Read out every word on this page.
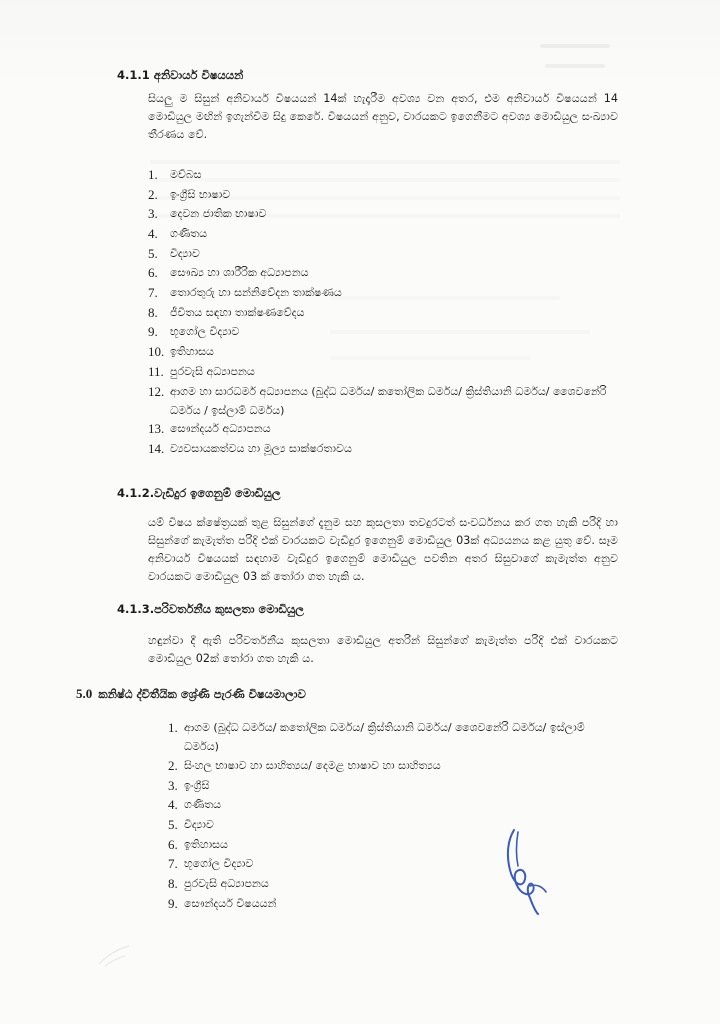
4.1.1 අනිවාර්ය විෂයයන්
සියලු ම සිසුන් අනිවාර්ය විෂයයන් 14ක් හැදෑරීම අවශ්‍ය වන අතර, එම අනිවාර්ය විෂයයන් 14 මොඩියුල මඟින් ඉගැන්වීම සිදු කෙරේ. විෂයයන් අනුව, වාරයකට ඉගෙනීමට අවශ්‍ය මොඩියුල සංඛ්‍යාව තීරණය වේ.
1.	මව්බස
2.	ඉංග්‍රීසි භාෂාව
3.	දෙවන ජාතික භාෂාව
4.	ගණිතය
5.	විද්‍යාව
6.	සෞඛ්‍ය හා ශාරීරික අධ්‍යාපනය
7.	තොරතුරු හා සන්නිවේදන තාක්ෂණය
8.	ජීවිතය සඳහා තාක්ෂණවේදය
9.	භූගෝල විද්‍යාව
10. ඉතිහාසය
11. පුරවැසි අධ්‍යාපනය
12. ආගම හා සාරධර්ම අධ්‍යාපනය (බුද්ධ ධර්මය/ කතෝලික ධර්මය/ ක්‍රිස්තියානි ධර්මය/ ශෛවනේරි ධර්මය / ඉස්ලාම් ධර්මය)
13. සෞන්දර්ය අධ්‍යාපනය
14. ව්‍යවසායකත්වය හා මූල්‍ය සාක්ෂරතාවය
4.1.2.වැඩිදුර ඉගෙනුම් මොඩියුල
යම් විෂය ක්ෂේත්‍රයක් තුළ සිසුන්ගේ දැනුම සහ කුසලතා තවදුරටත් සංවර්ධනය කර ගත හැකි පරිදි හා සිසුන්ගේ කැමැත්ත පරිදි එක් වාරයකට වැඩිදුර ඉගෙනුම් මොඩියුල 03ක් අධ්‍යයනය කළ යුතු වේ. සෑම අනිවාර්ය විෂයයක් සඳහාම වැඩිදුර ඉගෙනුම් මොඩියුල පවතින අතර සිසුවාගේ කැමැත්ත අනුව වාරයකට මොඩියුල 03 ක් තෝරා ගත හැකි ය.
4.1.3.පරිවර්තනීය කුසලතා මොඩියුල
හඳුන්වා දී ඇති පරිවර්තනීය කුසලතා මොඩියුල අතරින් සිසුන්ගේ කැමැත්ත පරිදි එක් වාරයකට මොඩියුල 02ක් තෝරා ගත හැකි ය.
5.0 කනිෂ්ඨ ද්විතීයික ශ්‍රේණි පැරණි විෂයමාලාව
1. ආගම (බුද්ධ ධර්මය/ කතෝලික ධර්මය/ ක්‍රිස්තියානි ධර්මය/ ශෛවනේරි ධර්මය/ ඉස්ලාම් ධර්මය)
2. සිංහල භාෂාව හා සාහිත්‍යය/ දෙමළ භාෂාව හා සාහිත්‍යය
3. ඉංග්‍රීසි
4. ගණිතය
5. විද්‍යාව
6. ඉතිහාසය
7. භූගෝල විද්‍යාව
8. පුරවැසි අධ්‍යාපනය
9. සෞන්දර්ය විෂයයන්
